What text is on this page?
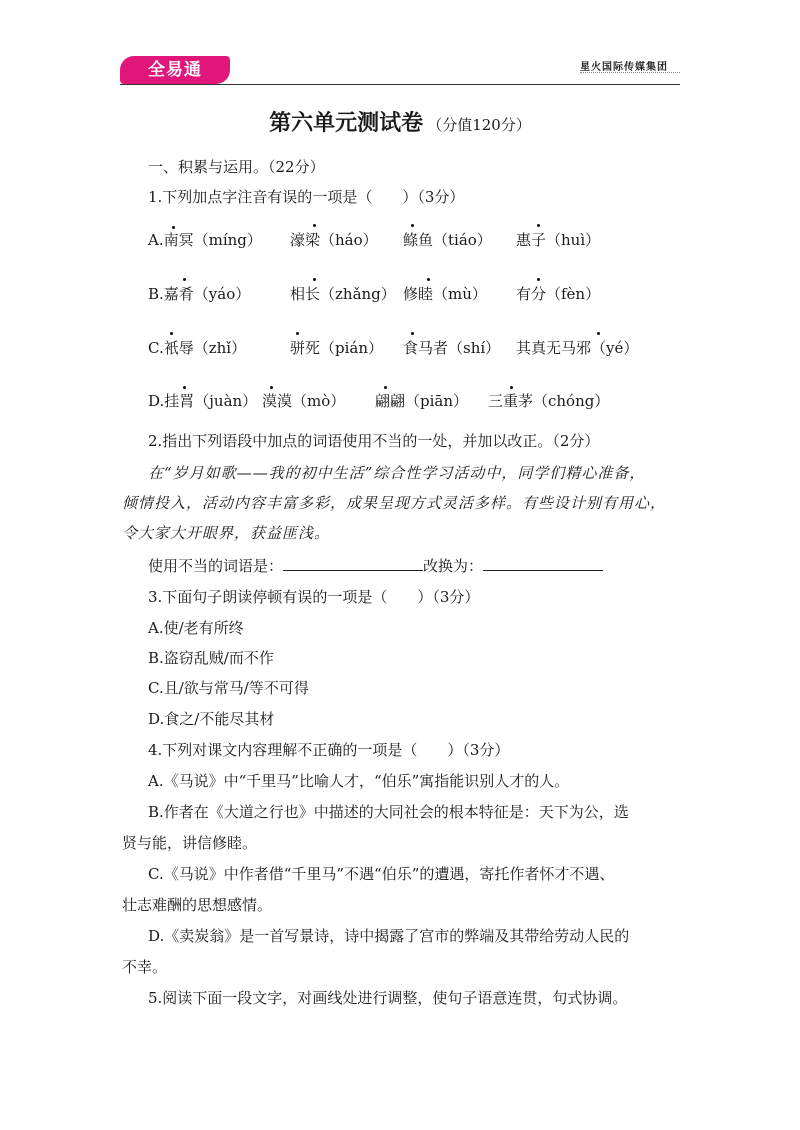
全易通	星火国际传媒集团
第六单元测试卷 （分值120分）
一、积累与运用。（22分）
1.下列加点字注音有误的一项是（　　）（3分）
A.南冥（míng） 濠梁（háo） 鲦鱼（tiáo） 惠子（huì）
B.嘉肴（yáo）	相长（zhǎng） 修睦（mù） 有分（fèn）
C.衹辱（zhǐ）	骈死（pián） 食马者（shí） 其真无马邪（yé）
D.挂罥（juàn） 漠漠（mò） 翩翩（piān） 三重茅（chóng）
2.指出下列语段中加点的词语使用不当的一处，并加以改正。（2分）
在“岁月如歌——我的初中生活”综合性学习活动中，同学们精心准备，
倾情投入，活动内容丰富多彩，成果呈现方式灵活多样。有些设计别有用心，
令大家大开眼界，获益匪浅。
使用不当的词语是：	改换为：
3.下面句子朗读停顿有误的一项是（　　）（3分）
A.使/老有所终
B.盗窃乱贼/而不作
C.且/欲与常马/等不可得
D.食之/不能尽其材
4.下列对课文内容理解不正确的一项是（　　）（3分）
A.《马说》中“千里马”比喻人才，“伯乐”寓指能识别人才的人。
B.作者在《大道之行也》中描述的大同社会的根本特征是：天下为公，选
贤与能，讲信修睦。
C.《马说》中作者借“千里马”不遇“伯乐”的遭遇，寄托作者怀才不遇、
壮志难酬的思想感情。
D.《卖炭翁》是一首写景诗，诗中揭露了宫市的弊端及其带给劳动人民的
不幸。
5.阅读下面一段文字，对画线处进行调整，使句子语意连贯，句式协调。
